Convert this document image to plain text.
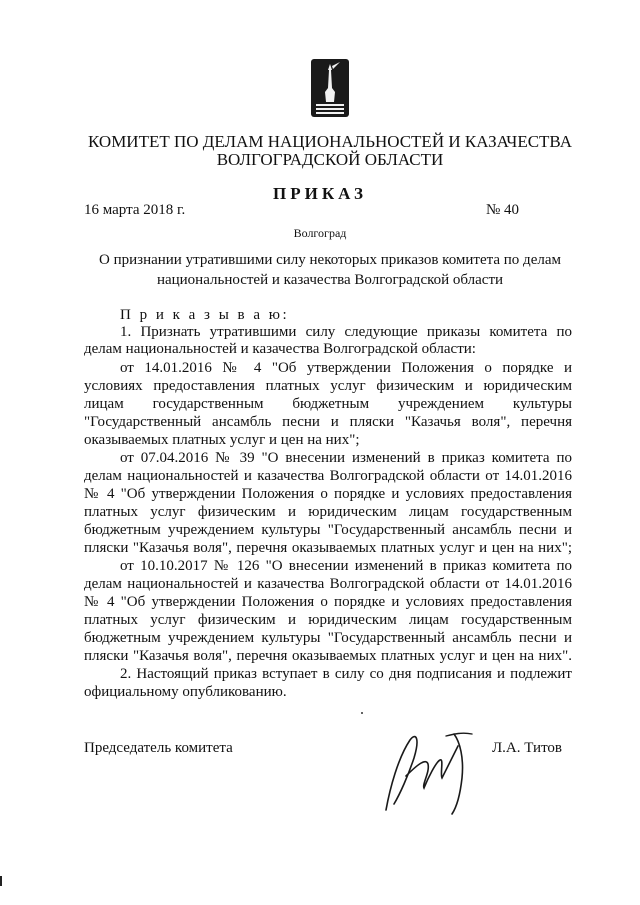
КОМИТЕТ ПО ДЕЛАМ НАЦИОНАЛЬНОСТЕЙ И КАЗАЧЕСТВА
ВОЛГОГРАДСКОЙ ОБЛАСТИ
ПРИКАЗ
16 марта 2018 г.	№ 40
Волгоград
О признании утратившими силу некоторых приказов комитета по делам
национальностей и казачества Волгоградской области
П р и к а з ы в а ю:
1. Признать утратившими силу следующие приказы комитета по
делам национальностей и казачества Волгоградской области:
от 14.01.2016 № 4 "Об утверждении Положения о порядке и
условиях предоставления платных услуг физическим и юридическим
лицам государственным бюджетным учреждением культуры
"Государственный ансамбль песни и пляски "Казачья воля", перечня
оказываемых платных услуг и цен на них";
от 07.04.2016 № 39 "О внесении изменений в приказ комитета по
делам национальностей и казачества Волгоградской области от 14.01.2016
№ 4 "Об утверждении Положения о порядке и условиях предоставления
платных услуг физическим и юридическим лицам государственным
бюджетным учреждением культуры "Государственный ансамбль песни и
пляски "Казачья воля", перечня оказываемых платных услуг и цен на них";
от 10.10.2017 № 126 "О внесении изменений в приказ комитета по
делам национальностей и казачества Волгоградской области от 14.01.2016
№ 4 "Об утверждении Положения о порядке и условиях предоставления
платных услуг физическим и юридическим лицам государственным
бюджетным учреждением культуры "Государственный ансамбль песни и
пляски "Казачья воля", перечня оказываемых платных услуг и цен на них".
2. Настоящий приказ вступает в силу со дня подписания и подлежит
официальному опубликованию.
Председатель комитета	Л.А. Титов
